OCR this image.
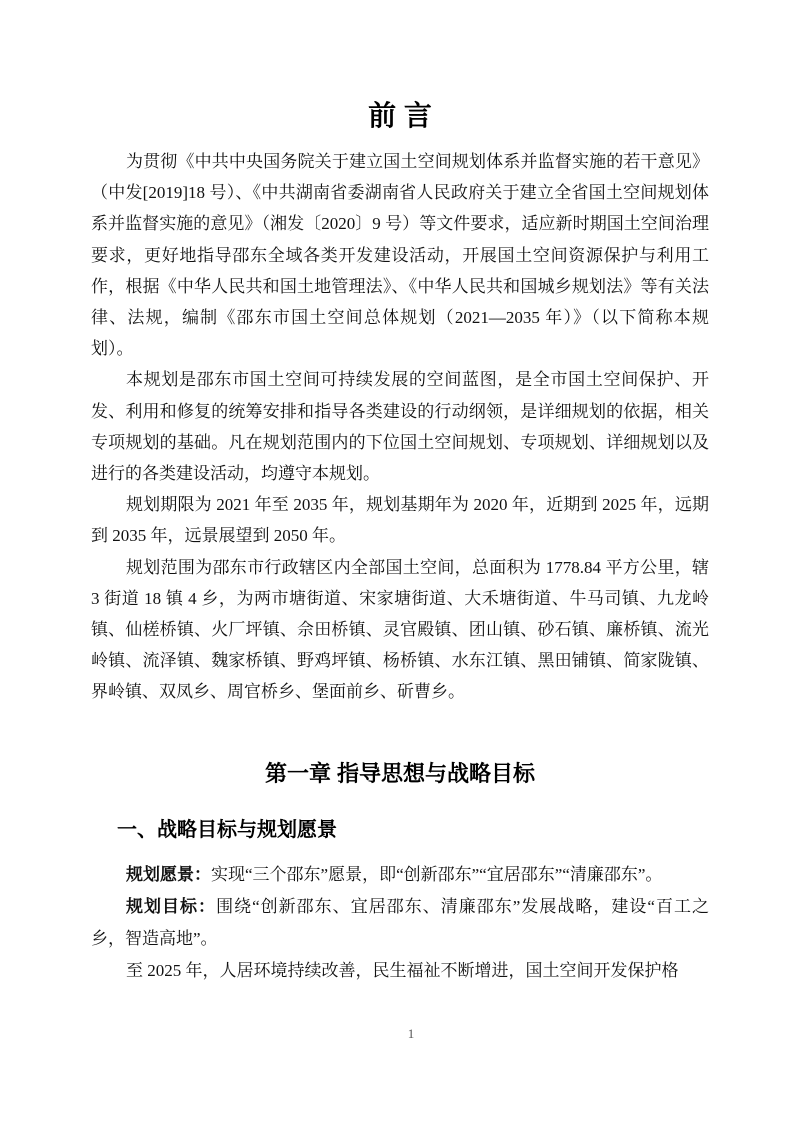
前 言

为贯彻《中共中央国务院关于建立国土空间规划体系并监督实施的若干意见》（中发[2019]18 号）、《中共湖南省委湖南省人民政府关于建立全省国土空间规划体系并监督实施的意见》（湘发〔2020〕9 号）等文件要求，适应新时期国土空间治理要求，更好地指导邵东全域各类开发建设活动，开展国土空间资源保护与利用工作，根据《中华人民共和国土地管理法》、《中华人民共和国城乡规划法》等有关法律、法规，编制《邵东市国土空间总体规划（2021—2035 年）》（以下简称本规划）。

本规划是邵东市国土空间可持续发展的空间蓝图，是全市国土空间保护、开发、利用和修复的统筹安排和指导各类建设的行动纲领，是详细规划的依据，相关专项规划的基础。凡在规划范围内的下位国土空间规划、专项规划、详细规划以及进行的各类建设活动，均遵守本规划。

规划期限为 2021 年至 2035 年，规划基期年为 2020 年，近期到 2025 年，远期到 2035 年，远景展望到 2050 年。

规划范围为邵东市行政辖区内全部国土空间，总面积为 1778.84 平方公里，辖 3 街道 18 镇 4 乡，为两市塘街道、宋家塘街道、大禾塘街道、牛马司镇、九龙岭镇、仙槎桥镇、火厂坪镇、佘田桥镇、灵官殿镇、团山镇、砂石镇、廉桥镇、流光岭镇、流泽镇、魏家桥镇、野鸡坪镇、杨桥镇、水东江镇、黑田铺镇、简家陇镇、界岭镇、双凤乡、周官桥乡、堡面前乡、斫曹乡。

第一章 指导思想与战略目标
一、战略目标与规划愿景

规划愿景：实现“三个邵东”愿景，即“创新邵东”“宜居邵东”“清廉邵东”。

规划目标：围绕“创新邵东、宜居邵东、清廉邵东”发展战略，建设“百工之乡，智造高地”。

至 2025 年，人居环境持续改善，民生福祉不断增进，国土空间开发保护格

1
